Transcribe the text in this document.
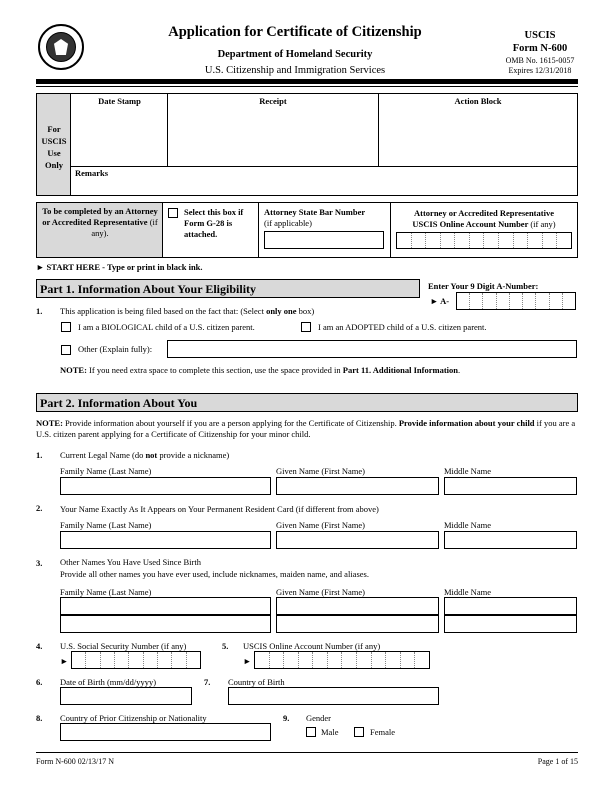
Application for Certificate of Citizenship
Department of Homeland Security
U.S. Citizenship and Immigration Services
USCIS
Form N-600
OMB No. 1615-0057
Expires 12/31/2018
For USCIS Use Only
Date Stamp	Receipt	Action Block
Remarks
To be completed by an Attorney or Accredited Representative (if any).
Select this box if
Form G-28 is
attached.
Attorney State Bar Number
(if applicable)
Attorney or Accredited Representative
USCIS Online Account Number (if any)
► START HERE - Type or print in black ink.
Part 1. Information About Your Eligibility	Enter Your 9 Digit A-Number:
► A-
1. This application is being filed based on the fact that: (Select only one box)
I am a BIOLOGICAL child of a U.S. citizen parent.	I am an ADOPTED child of a U.S. citizen parent.
Other (Explain fully):
NOTE: If you need extra space to complete this section, use the space provided in Part 11. Additional Information.
Part 2. Information About You
NOTE: Provide information about yourself if you are a person applying for the Certificate of Citizenship. Provide information about your child if you are a U.S. citizen parent applying for a Certificate of Citizenship for your minor child.
1. Current Legal Name (do not provide a nickname)
Family Name (Last Name)	Given Name (First Name)	Middle Name
2. Your Name Exactly As It Appears on Your Permanent Resident Card (if different from above)
Family Name (Last Name)	Given Name (First Name)	Middle Name
3. Other Names You Have Used Since Birth
Provide all other names you have ever used, include nicknames, maiden name, and aliases.
Family Name (Last Name)	Given Name (First Name)	Middle Name
4. U.S. Social Security Number (if any)
►
5. USCIS Online Account Number (if any)
►
6. Date of Birth (mm/dd/yyyy)	7. Country of Birth
8. Country of Prior Citizenship or Nationality	9. Gender
Male	Female
Form N-600 02/13/17 N	Page 1 of 15
